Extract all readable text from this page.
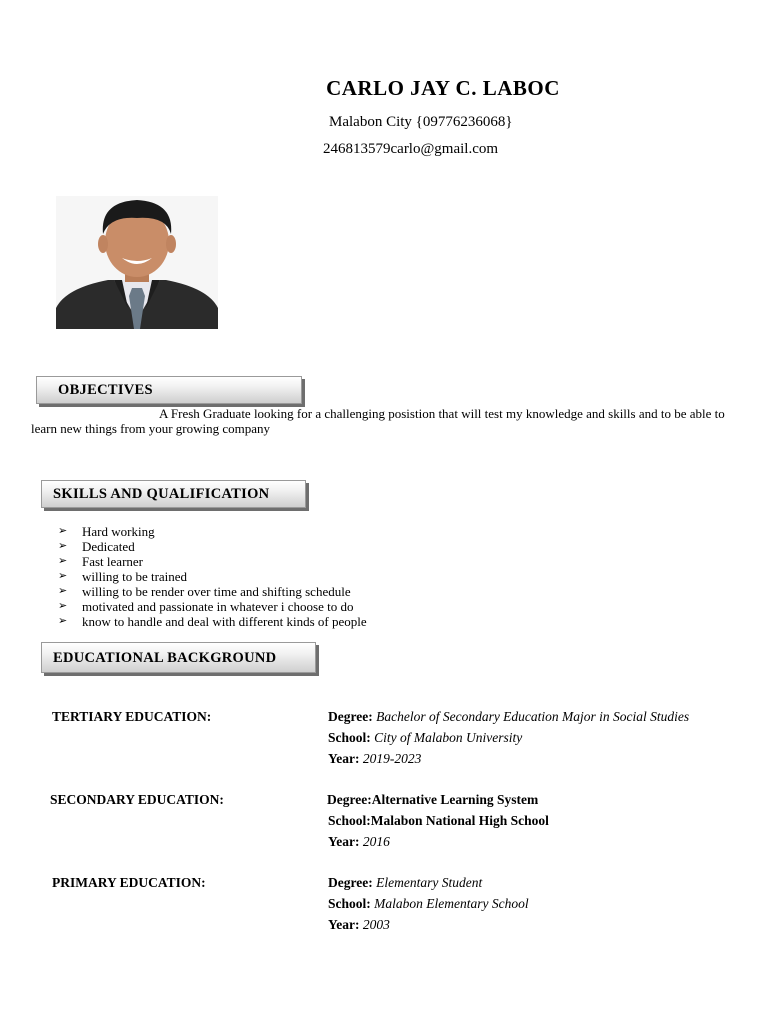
CARLO JAY C. LABOC
Malabon City {09776236068}
246813579carlo@gmail.com
OBJECTIVES
A Fresh Graduate looking for a challenging posistion that will test my knowledge and skills and to be able to learn new things from your growing company
SKILLS AND QUALIFICATION
➢	Hard working
➢	Dedicated
➢	Fast learner
➢	willing to be trained
➢	willing to be render over time and shifting schedule
➢	motivated and passionate in whatever i choose to do
➢	know to handle and deal with different kinds of people
EDUCATIONAL BACKGROUND
TERTIARY EDUCATION:	Degree: Bachelor of Secondary Education Major in Social Studies
School: City of Malabon University
Year: 2019-2023
SECONDARY EDUCATION:	Degree:Alternative Learning System
School:Malabon National High School
Year: 2016
PRIMARY EDUCATION:	Degree: Elementary Student
School: Malabon Elementary School
Year: 2003
